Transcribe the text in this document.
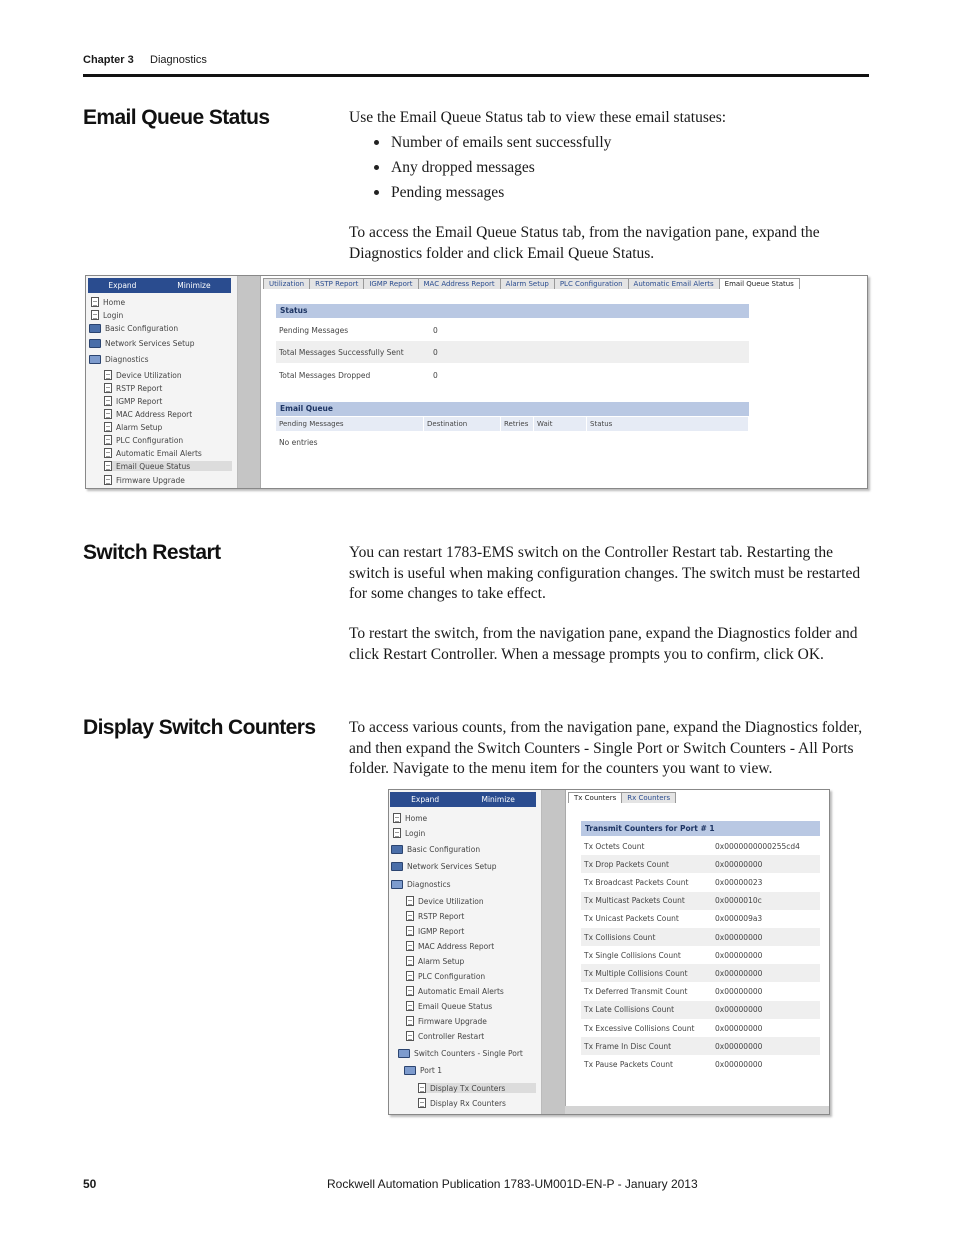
Chapter 3 Diagnostics
Email Queue Status	Use the Email Queue Status tab to view these email statuses:

Number of emails sent successfully
Any dropped messages
Pending messages

To access the Email Queue Status tab, from the navigation pane, expand the Diagnostics folder and click Email Queue Status.

Expand	Minimize
Home
Login
Basic Configuration
Network Services Setup
Diagnostics
Device Utilization
RSTP Report
IGMP Report
MAC Address Report
Alarm Setup
PLC Configuration
Automatic Email Alerts
Email Queue Status
Firmware Upgrade
Utilization	RSTP Report	IGMP Report	MAC Address Report	Alarm Setup	PLC Configuration	Automatic Email Alerts	Email Queue Status
Status
Pending Messages	0
Total Messages Successfully Sent	0
Total Messages Dropped	0
Email Queue
Pending Messages	Destination	Retries	Wait	Status
No entries
Switch Restart	You can restart 1783-EMS switch on the Controller Restart tab. Restarting the switch is useful when making configuration changes. The switch must be restarted for some changes to take effect.

To restart the switch, from the navigation pane, expand the Diagnostics folder and click Restart Controller. When a message prompts you to confirm, click OK.

Display Switch Counters To access various counts, from the navigation pane, expand the Diagnostics folder, and then expand the Switch Counters - Single Port or Switch Counters - All Ports folder. Navigate to the menu item for the counters you want to view.

Expand	Minimize
Home
Login
Basic Configuration
Network Services Setup
Diagnostics
Device Utilization
RSTP Report
IGMP Report
MAC Address Report
Alarm Setup
PLC Configuration
Automatic Email Alerts
Email Queue Status
Firmware Upgrade
Controller Restart
Switch Counters - Single Port
Port 1
Display Tx Counters
Display Rx Counters
Tx Counters	Rx Counters
Transmit Counters for Port # 1
Tx Octets Count	0x0000000000255cd4
Tx Drop Packets Count	0x00000000
Tx Broadcast Packets Count	0x00000023
Tx Multicast Packets Count	0x0000010c
Tx Unicast Packets Count	0x000009a3
Tx Collisions Count	0x00000000
Tx Single Collisions Count	0x00000000
Tx Multiple Collisions Count	0x00000000
Tx Deferred Transmit Count	0x00000000
Tx Late Collisions Count	0x00000000
Tx Excessive Collisions Count	0x00000000
Tx Frame In Disc Count	0x00000000
Tx Pause Packets Count	0x00000000
50	Rockwell Automation Publication 1783-UM001D-EN-P - January 2013
